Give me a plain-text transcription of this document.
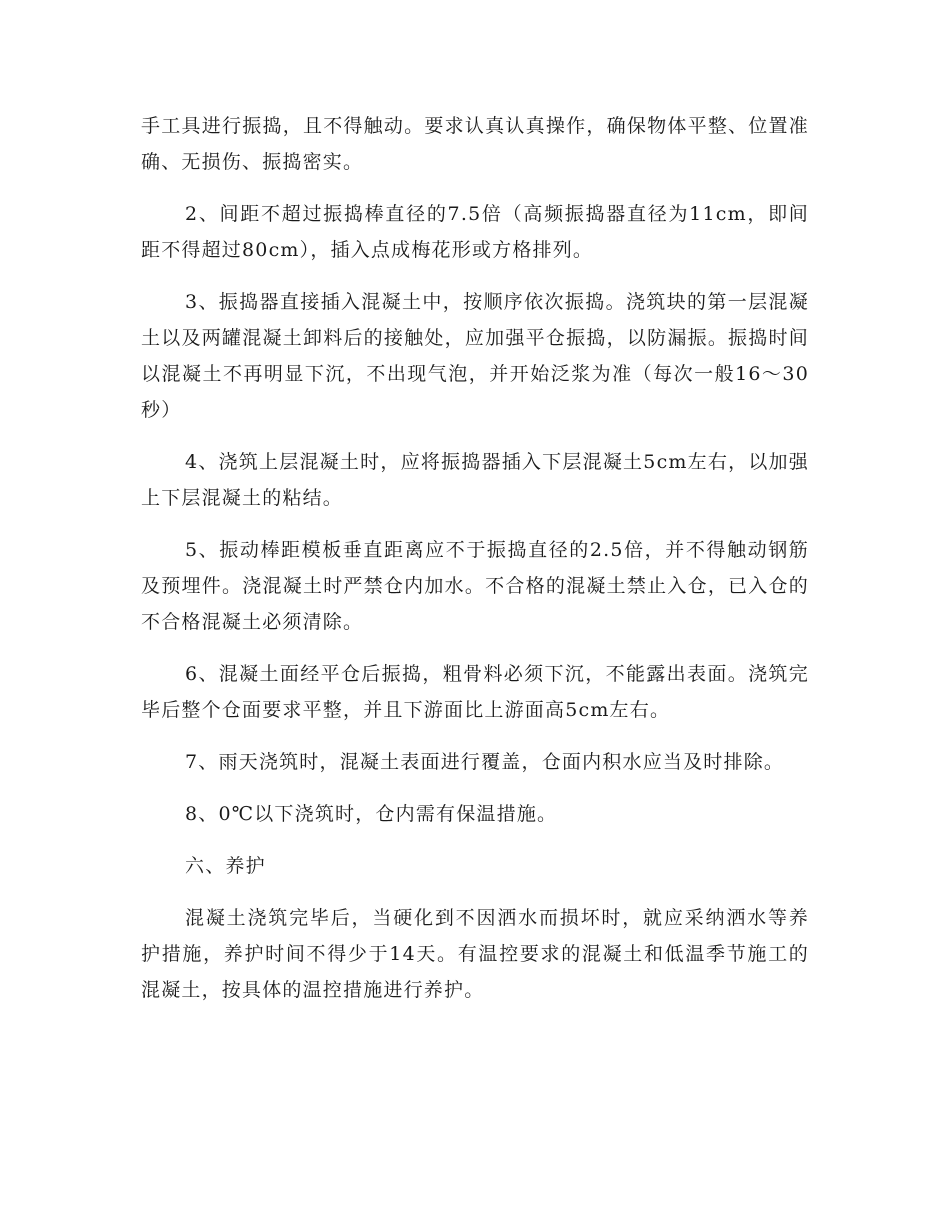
手工具进行振捣，且不得触动。要求认真认真操作，确保物体平整、位置准确、无损伤、振捣密实。

2、间距不超过振捣棒直径的7.5倍（高频振捣器直径为11cm，即间距不得超过80cm），插入点成梅花形或方格排列。

3、振捣器直接插入混凝土中，按顺序依次振捣。浇筑块的第一层混凝土以及两罐混凝土卸料后的接触处，应加强平仓振捣，以防漏振。振捣时间以混凝土不再明显下沉，不出现气泡，并开始泛浆为准（每次一般16～30秒）

4、浇筑上层混凝土时，应将振捣器插入下层混凝土5cm左右，以加强上下层混凝土的粘结。

5、振动棒距模板垂直距离应不于振捣直径的2.5倍，并不得触动钢筋及预埋件。浇混凝土时严禁仓内加水。不合格的混凝土禁止入仓，已入仓的不合格混凝土必须清除。

6、混凝土面经平仓后振捣，粗骨料必须下沉，不能露出表面。浇筑完毕后整个仓面要求平整，并且下游面比上游面高5cm左右。

7、雨天浇筑时，混凝土表面进行覆盖，仓面内积水应当及时排除。

8、0℃以下浇筑时，仓内需有保温措施。

六、养护

混凝土浇筑完毕后，当硬化到不因洒水而损坏时，就应采纳洒水等养护措施，养护时间不得少于14天。有温控要求的混凝土和低温季节施工的混凝土，按具体的温控措施进行养护。
